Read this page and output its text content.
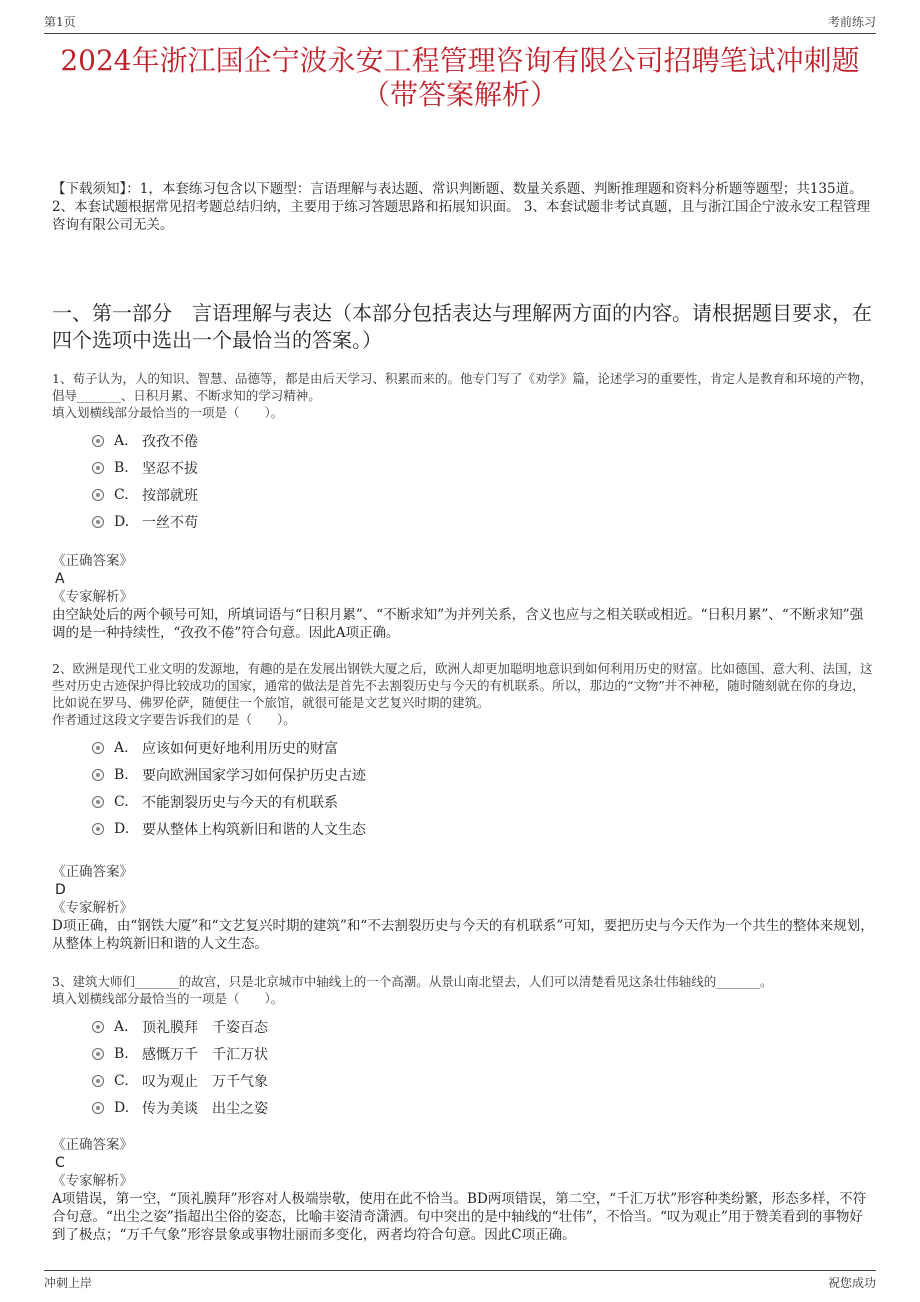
第1页	考前练习
2024年浙江国企宁波永安工程管理咨询有限公司招聘笔试冲刺题（带答案解析）
【下载须知】：1，本套练习包含以下题型：言语理解与表达题、常识判断题、数量关系题、判断推理题和资料分析题等题型；共135道。 2、本套试题根据常见招考题总结归纳，主要用于练习答题思路和拓展知识面。 3、本套试题非考试真题，且与浙江国企宁波永安工程管理咨询有限公司无关。
一、第一部分　言语理解与表达（本部分包括表达与理解两方面的内容。请根据题目要求，在四个选项中选出一个最恰当的答案。）
1、荀子认为，人的知识、智慧、品德等，都是由后天学习、积累而来的。他专门写了《劝学》篇，论述学习的重要性，肯定人是教育和环境的产物，倡导_______、日积月累、不断求知的学习精神。
填入划横线部分最恰当的一项是（　　）。
A. 孜孜不倦
B. 坚忍不拔
C. 按部就班
D. 一丝不苟
《正确答案》
A
《专家解析》
由空缺处后的两个顿号可知，所填词语与“日积月累”、“不断求知”为并列关系，含义也应与之相关联或相近。“日积月累”、“不断求知”强调的是一种持续性，“孜孜不倦”符合句意。因此A项正确。
2、欧洲是现代工业文明的发源地，有趣的是在发展出钢铁大厦之后，欧洲人却更加聪明地意识到如何利用历史的财富。比如德国、意大利、法国，这些对历史古迹保护得比较成功的国家，通常的做法是首先不去割裂历史与今天的有机联系。所以，那边的“文物”并不神秘，随时随刻就在你的身边，比如说在罗马、佛罗伦萨，随便住一个旅馆，就很可能是文艺复兴时期的建筑。
作者通过这段文字要告诉我们的是（　　）。
A. 应该如何更好地利用历史的财富
B. 要向欧洲国家学习如何保护历史古迹
C. 不能割裂历史与今天的有机联系
D. 要从整体上构筑新旧和谐的人文生态
《正确答案》
D
《专家解析》
D项正确，由“钢铁大厦”和“文艺复兴时期的建筑”和“不去割裂历史与今天的有机联系”可知，要把历史与今天作为一个共生的整体来规划，从整体上构筑新旧和谐的人文生态。
3、建筑大师们_______的故宫，只是北京城市中轴线上的一个高潮。从景山南北望去，人们可以清楚看见这条壮伟轴线的_______。
填入划横线部分最恰当的一项是（　　）。
A. 顶礼膜拜　千姿百态
B. 感慨万千　千汇万状
C. 叹为观止　万千气象
D. 传为美谈　出尘之姿
《正确答案》
C
《专家解析》
A项错误，第一空，“顶礼膜拜”形容对人极端崇敬，使用在此不恰当。BD两项错误，第二空，“千汇万状”形容种类纷繁，形态多样，不符合句意。“出尘之姿”指超出尘俗的姿态，比喻丰姿清奇潇洒。句中突出的是中轴线的“壮伟”，不恰当。“叹为观止”用于赞美看到的事物好到了极点；“万千气象”形容景象或事物壮丽而多变化，两者均符合句意。因此C项正确。
冲刺上岸	祝您成功
